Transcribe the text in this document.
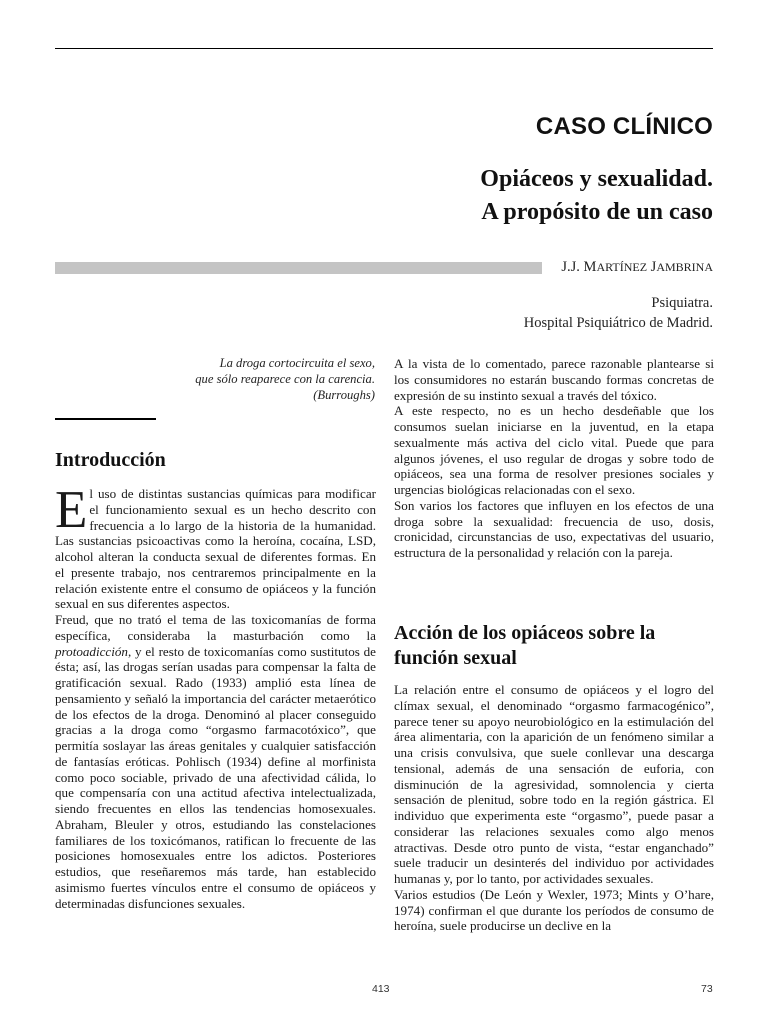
CASO CLÍNICO
Opiáceos y sexualidad.
A propósito de un caso
J.J. MARTÍNEZ JAMBRINA
Psiquiatra.
Hospital Psiquiátrico de Madrid.
La droga cortocircuita el sexo,
que sólo reaparece con la carencia.
(Burroughs)
Introducción

El uso de distintas sustancias químicas para modificar el funcionamiento sexual es un hecho descrito con frecuencia a lo largo de la historia de la humanidad. Las sustancias psicoactivas como la heroína, cocaína, LSD, alcohol alteran la conducta sexual de diferentes formas. En el presente trabajo, nos centraremos principalmente en la relación existente entre el consumo de opiáceos y la función sexual en sus diferentes aspectos.

Freud, que no trató el tema de las toxicomanías de forma específica, consideraba la masturbación como la protoadicción, y el resto de toxicomanías como sustitutos de ésta; así, las drogas serían usadas para compensar la falta de gratificación sexual. Rado (1933) amplió esta línea de pensamiento y señaló la importancia del carácter metaerótico de los efectos de la droga. Denominó al placer conseguido gracias a la droga como “orgasmo farmacotóxico”, que permitía soslayar las áreas genitales y cualquier satisfacción de fantasías eróticas. Pohlisch (1934) define al morfinista como poco sociable, privado de una afectividad cálida, lo que compensaría con una actitud afectiva intelectualizada, siendo frecuentes en ellos las tendencias homosexuales. Abraham, Bleuler y otros, estudiando las constelaciones familiares de los toxicómanos, ratifican lo frecuente de las posiciones homosexuales entre los adictos. Posteriores estudios, que reseñaremos más tarde, han establecido asimismo fuertes vínculos entre el consumo de opiáceos y determinadas disfunciones sexuales.

A la vista de lo comentado, parece razonable plantearse si los consumidores no estarán buscando formas concretas de expresión de su instinto sexual a través del tóxico.

A este respecto, no es un hecho desdeñable que los consumos suelan iniciarse en la juventud, en la etapa sexualmente más activa del ciclo vital. Puede que para algunos jóvenes, el uso regular de drogas y sobre todo de opiáceos, sea una forma de resolver presiones sociales y urgencias biológicas relacionadas con el sexo.

Son varios los factores que influyen en los efectos de una droga sobre la sexualidad: frecuencia de uso, dosis, cronicidad, circunstancias de uso, expectativas del usuario, estructura de la personalidad y relación con la pareja.

Acción de los opiáceos sobre la función sexual

La relación entre el consumo de opiáceos y el logro del clímax sexual, el denominado “orgasmo farmacogénico”, parece tener su apoyo neurobiológico en la estimulación del área alimentaria, con la aparición de un fenómeno similar a una crisis convulsiva, que suele conllevar una descarga tensional, además de una sensación de euforia, con disminución de la agresividad, somnolencia y cierta sensación de plenitud, sobre todo en la región gástrica. El individuo que experimenta este “orgasmo”, puede pasar a considerar las relaciones sexuales como algo menos atractivas. Desde otro punto de vista, “estar enganchado” suele traducir un desinterés del individuo por actividades humanas y, por lo tanto, por actividades sexuales.

Varios estudios (De León y Wexler, 1973; Mints y O’hare, 1974) confirman el que durante los períodos de consumo de heroína, suele producirse un declive en la

413	73
